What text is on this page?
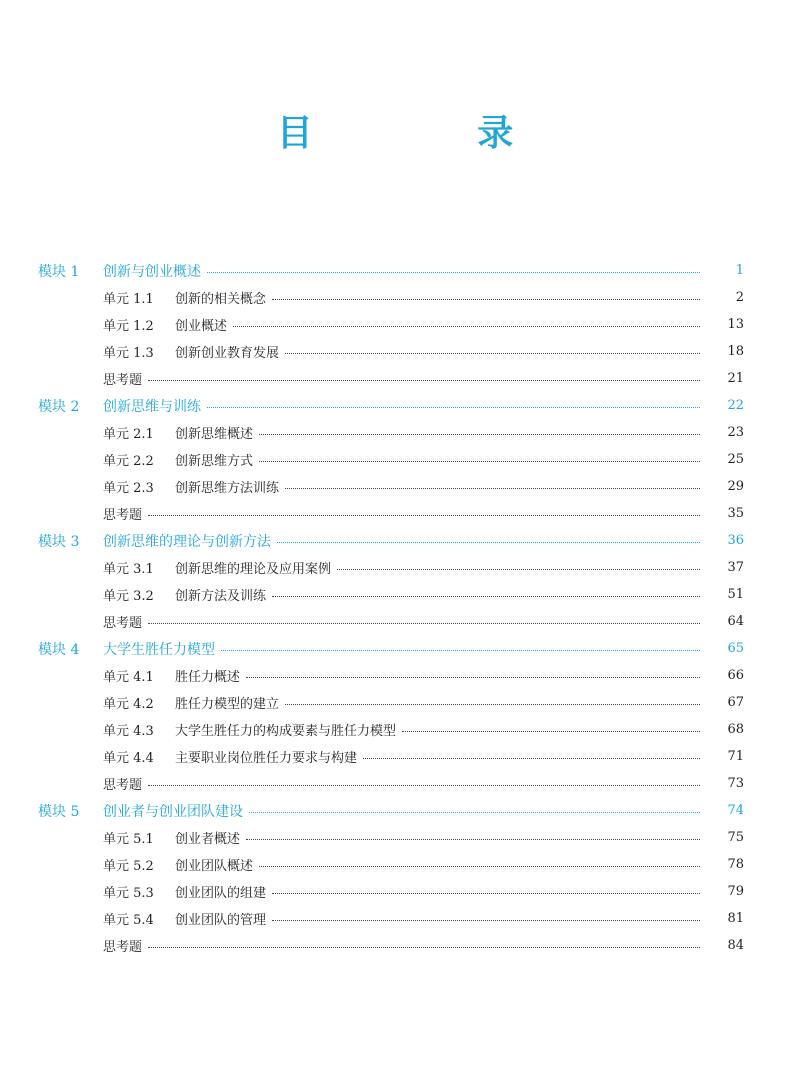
目 录
模块 1	创新与创业概述	1
单元 1.1	创新的相关概念	2
单元 1.2	创业概述	13
单元 1.3	创新创业教育发展	18
思考题	21
模块 2	创新思维与训练	22
单元 2.1	创新思维概述	23
单元 2.2	创新思维方式	25
单元 2.3	创新思维方法训练	29
思考题	35
模块 3	创新思维的理论与创新方法	36
单元 3.1	创新思维的理论及应用案例	37
单元 3.2	创新方法及训练	51
思考题	64
模块 4	大学生胜任力模型	65
单元 4.1	胜任力概述	66
单元 4.2	胜任力模型的建立	67
单元 4.3	大学生胜任力的构成要素与胜任力模型	68
单元 4.4	主要职业岗位胜任力要求与构建	71
思考题	73
模块 5	创业者与创业团队建设	74
单元 5.1	创业者概述	75
单元 5.2	创业团队概述	78
单元 5.3	创业团队的组建	79
单元 5.4	创业团队的管理	81
思考题	84
